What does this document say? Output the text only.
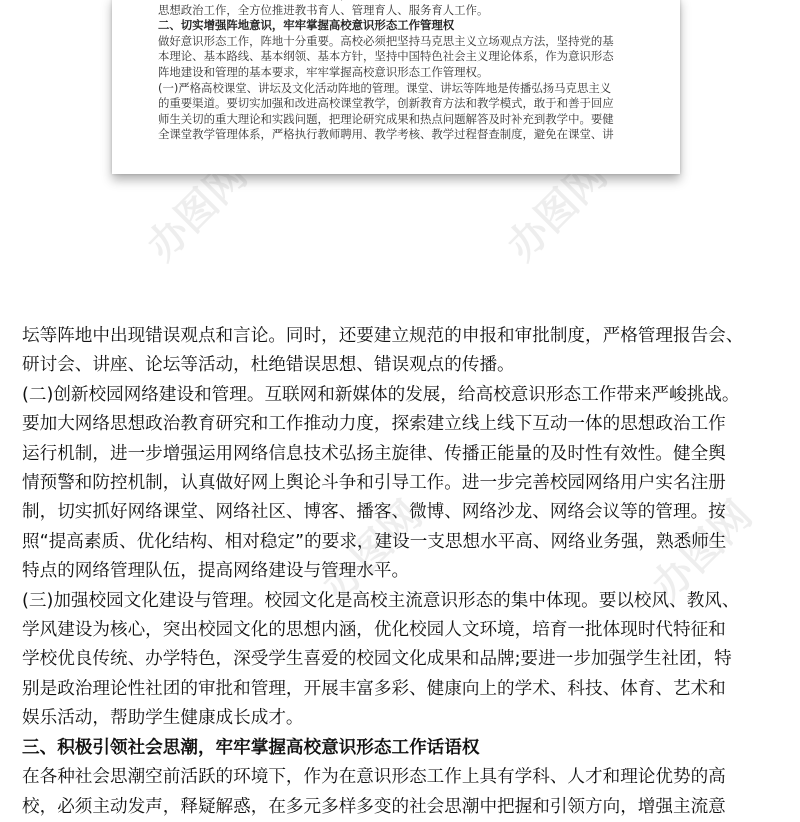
办图网	办图网
办图网	办图网

思想政治工作，全方位推进教书育人、管理育人、服务育人工作。

二、切实增强阵地意识，牢牢掌握高校意识形态工作管理权

做好意识形态工作，阵地十分重要。高校必须把坚持马克思主义立场观点方法，坚持党的基

本理论、基本路线、基本纲领、基本方针，坚持中国特色社会主义理论体系，作为意识形态

阵地建设和管理的基本要求，牢牢掌握高校意识形态工作管理权。

(一)严格高校课堂、讲坛及文化活动阵地的管理。课堂、讲坛等阵地是传播弘扬马克思主义

的重要渠道。要切实加强和改进高校课堂教学，创新教育方法和教学模式，敢于和善于回应

师生关切的重大理论和实践问题，把理论研究成果和热点问题解答及时补充到教学中。要健

全课堂教学管理体系，严格执行教师聘用、教学考核、教学过程督查制度，避免在课堂、讲

坛等阵地中出现错误观点和言论。同时，还要建立规范的申报和审批制度，严格管理报告会、

研讨会、讲座、论坛等活动，杜绝错误思想、错误观点的传播。

(二)创新校园网络建设和管理。互联网和新媒体的发展，给高校意识形态工作带来严峻挑战。

要加大网络思想政治教育研究和工作推动力度，探索建立线上线下互动一体的思想政治工作

运行机制，进一步增强运用网络信息技术弘扬主旋律、传播正能量的及时性有效性。健全舆

情预警和防控机制，认真做好网上舆论斗争和引导工作。进一步完善校园网络用户实名注册

制，切实抓好网络课堂、网络社区、博客、播客、微博、网络沙龙、网络会议等的管理。按

照“提高素质、优化结构、相对稳定”的要求，建设一支思想水平高、网络业务强，熟悉师生

特点的网络管理队伍，提高网络建设与管理水平。

(三)加强校园文化建设与管理。校园文化是高校主流意识形态的集中体现。要以校风、教风、

学风建设为核心，突出校园文化的思想内涵，优化校园人文环境，培育一批体现时代特征和

学校优良传统、办学特色，深受学生喜爱的校园文化成果和品牌;要进一步加强学生社团，特

别是政治理论性社团的审批和管理，开展丰富多彩、健康向上的学术、科技、体育、艺术和

娱乐活动，帮助学生健康成长成才。

三、积极引领社会思潮，牢牢掌握高校意识形态工作话语权

在各种社会思潮空前活跃的环境下，作为在意识形态工作上具有学科、人才和理论优势的高

校，必须主动发声，释疑解惑，在多元多样多变的社会思潮中把握和引领方向，增强主流意
